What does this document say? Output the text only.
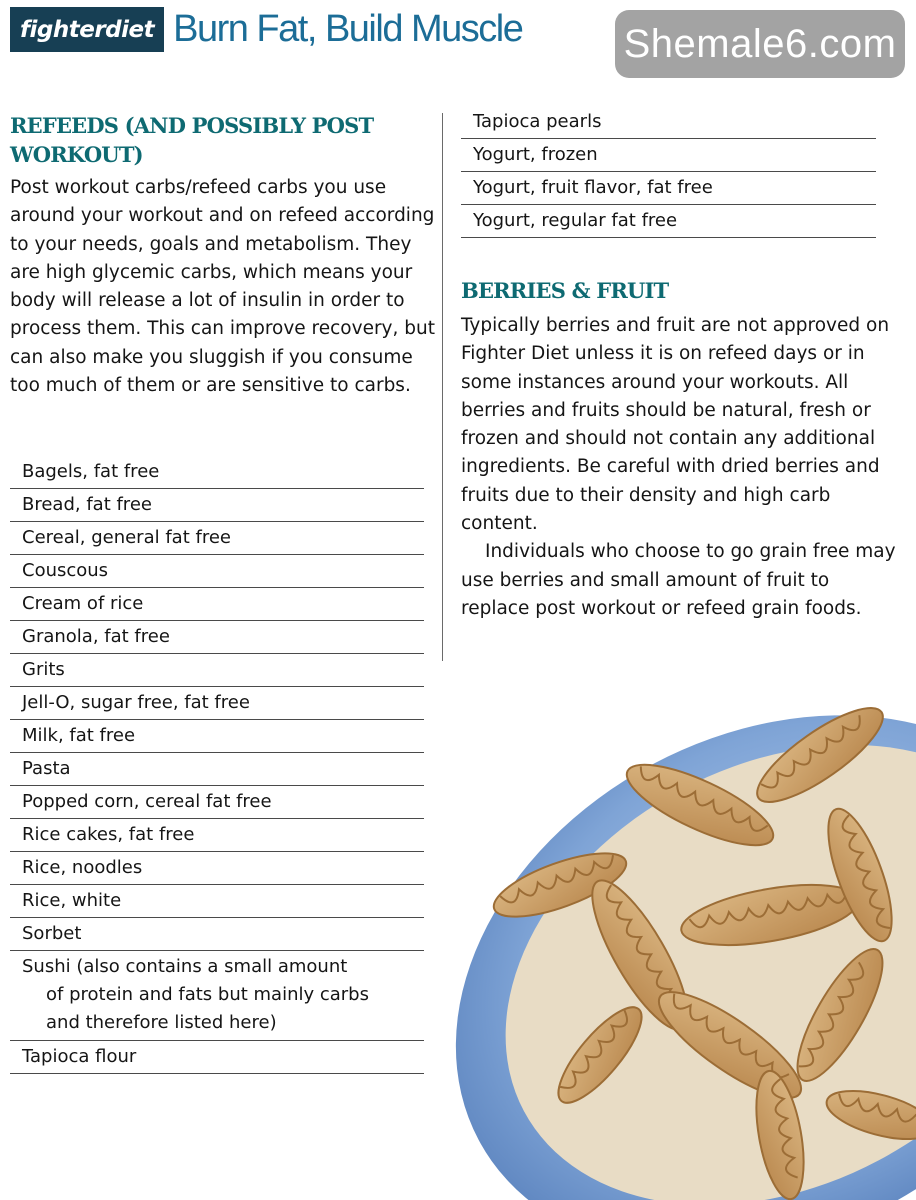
fighterdiet Burn Fat, Build Muscle	Shemale6.com
REFEEDS (AND POSSIBLY POST WORKOUT)

Post workout carbs/refeed carbs you use around your workout and on refeed according to your needs, goals and metabolism. They are high glycemic carbs, which means your body will release a lot of insulin in order to process them. This can improve recovery, but can also make you sluggish if you consume too much of them or are sensitive to carbs.

Bagels, fat free
Bread, fat free
Cereal, general fat free
Couscous
Cream of rice
Granola, fat free
Grits
Jell-O, sugar free, fat free
Milk, fat free
Pasta
Popped corn, cereal fat free
Rice cakes, fat free
Rice, noodles
Rice, white
Sorbet
Sushi (also contains a small amount
of protein and fats but mainly carbs
and therefore listed here)
Tapioca flour
Tapioca pearls
Yogurt, frozen
Yogurt, fruit flavor, fat free
Yogurt, regular fat free
BERRIES & FRUIT

Typically berries and fruit are not approved on Fighter Diet unless it is on refeed days or in some instances around your workouts. All berries and fruits should be natural, fresh or frozen and should not contain any additional ingredients. Be careful with dried berries and fruits due to their density and high carb content.

Individuals who choose to go grain free may use berries and small amount of fruit to replace post workout or refeed grain foods.
